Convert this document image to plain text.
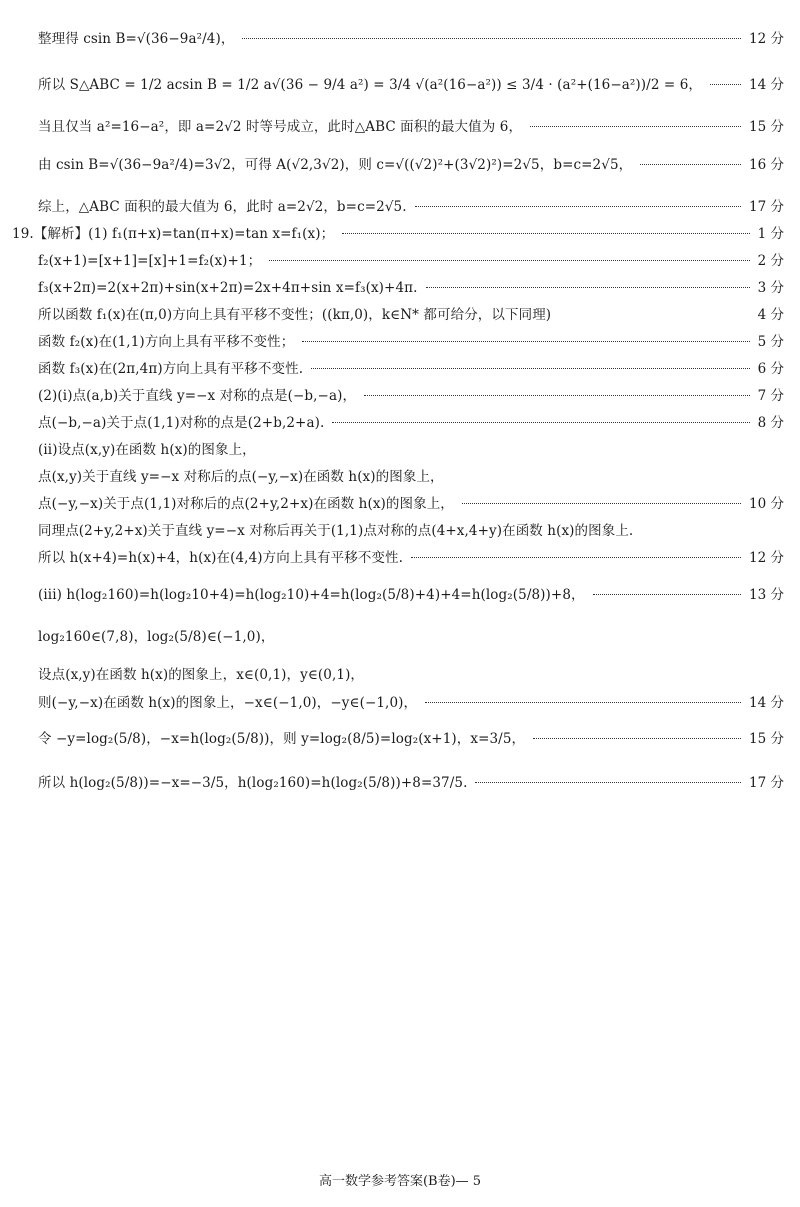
整理得 csin B=√(36−9a²/4)，	12 分
所以 S△ABC = 1/2 acsin B = 1/2 a√(36 − 9/4 a²) = 3/4 √(a²(16−a²)) ≤ 3/4 · (a²+(16−a²))/2 = 6，	14 分
当且仅当 a²=16−a²，即 a=2√2 时等号成立，此时△ABC 面积的最大值为 6，	15 分
由 csin B=√(36−9a²/4)=3√2，可得 A(√2,3√2)，则 c=√((√2)²+(3√2)²)=2√5，b=c=2√5，	16 分
综上，△ABC 面积的最大值为 6，此时 a=2√2，b=c=2√5.	17 分
19.【解析】(1) f₁(π+x)=tan(π+x)=tan x=f₁(x)；	1 分
f₂(x+1)=[x+1]=[x]+1=f₂(x)+1；	2 分
f₃(x+2π)=2(x+2π)+sin(x+2π)=2x+4π+sin x=f₃(x)+4π.	3 分
所以函数 f₁(x)在(π,0)方向上具有平移不变性；((kπ,0)，k∈N* 都可给分，以下同理)	4 分
函数 f₂(x)在(1,1)方向上具有平移不变性；	5 分
函数 f₃(x)在(2π,4π)方向上具有平移不变性.	6 分
(2)(i)点(a,b)关于直线 y=−x 对称的点是(−b,−a)，	7 分
点(−b,−a)关于点(1,1)对称的点是(2+b,2+a).	8 分
(ii)设点(x,y)在函数 h(x)的图象上，
点(x,y)关于直线 y=−x 对称后的点(−y,−x)在函数 h(x)的图象上，
点(−y,−x)关于点(1,1)对称后的点(2+y,2+x)在函数 h(x)的图象上，	10 分
同理点(2+y,2+x)关于直线 y=−x 对称后再关于(1,1)点对称的点(4+x,4+y)在函数 h(x)的图象上.
所以 h(x+4)=h(x)+4，h(x)在(4,4)方向上具有平移不变性.	12 分
(iii) h(log₂160)=h(log₂10+4)=h(log₂10)+4=h(log₂(5/8)+4)+4=h(log₂(5/8))+8，	13 分
log₂160∈(7,8)，log₂(5/8)∈(−1,0)，
设点(x,y)在函数 h(x)的图象上，x∈(0,1)，y∈(0,1)，
则(−y,−x)在函数 h(x)的图象上，−x∈(−1,0)，−y∈(−1,0)，	14 分
令 −y=log₂(5/8)，−x=h(log₂(5/8))，则 y=log₂(8/5)=log₂(x+1)，x=3/5，	15 分
所以 h(log₂(5/8))=−x=−3/5，h(log₂160)=h(log₂(5/8))+8=37/5.	17 分
高一数学参考答案(B卷)— 5
